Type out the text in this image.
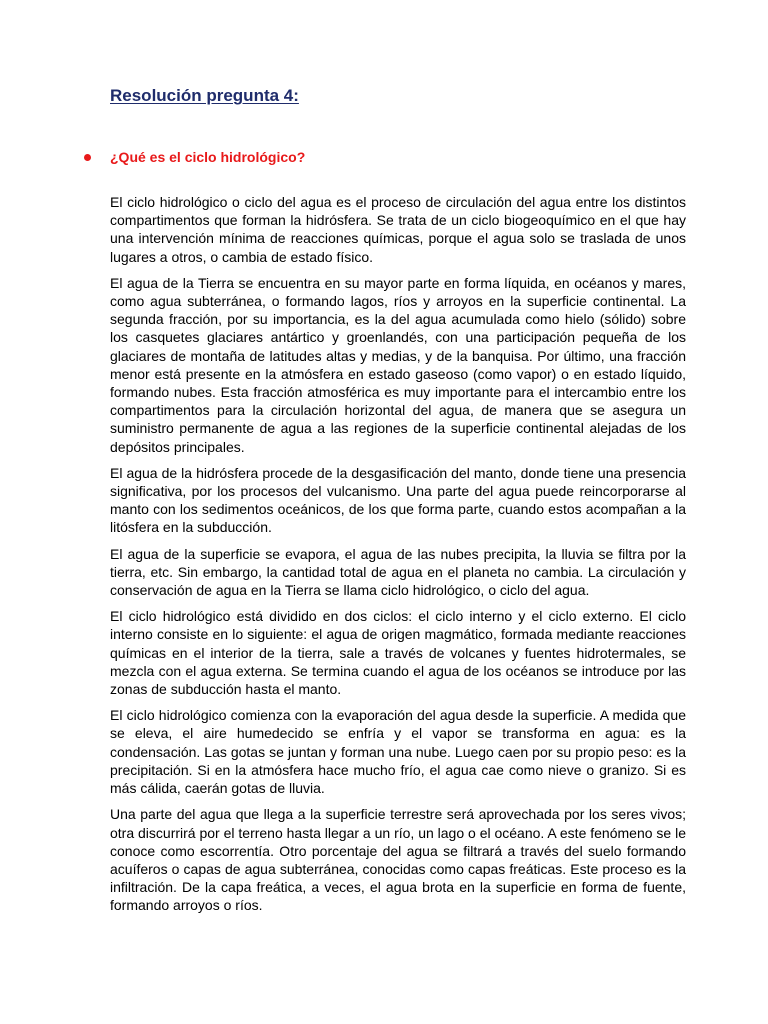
Resolución pregunta 4:
¿Qué es el ciclo hidrológico?

El ciclo hidrológico o ciclo del agua es el proceso de circulación del agua entre los distintos compartimentos que forman la hidrósfera. Se trata de un ciclo biogeoquímico en el que hay una intervención mínima de reacciones químicas, porque el agua solo se traslada de unos lugares a otros, o cambia de estado físico.

El agua de la Tierra se encuentra en su mayor parte en forma líquida, en océanos y mares, como agua subterránea, o formando lagos, ríos y arroyos en la superficie continental. La segunda fracción, por su importancia, es la del agua acumulada como hielo (sólido) sobre los casquetes glaciares antártico y groenlandés, con una participación pequeña de los glaciares de montaña de latitudes altas y medias, y de la banquisa. Por último, una fracción menor está presente en la atmósfera en estado gaseoso (como vapor) o en estado líquido, formando nubes. Esta fracción atmosférica es muy importante para el intercambio entre los compartimentos para la circulación horizontal del agua, de manera que se asegura un suministro permanente de agua a las regiones de la superficie continental alejadas de los depósitos principales.

El agua de la hidrósfera procede de la desgasificación del manto, donde tiene una presencia significativa, por los procesos del vulcanismo. Una parte del agua puede reincorporarse al manto con los sedimentos oceánicos, de los que forma parte, cuando estos acompañan a la litósfera en la subducción.

El agua de la superficie se evapora, el agua de las nubes precipita, la lluvia se filtra por la tierra, etc. Sin embargo, la cantidad total de agua en el planeta no cambia. La circulación y conservación de agua en la Tierra se llama ciclo hidrológico, o ciclo del agua.

El ciclo hidrológico está dividido en dos ciclos: el ciclo interno y el ciclo externo. El ciclo interno consiste en lo siguiente: el agua de origen magmático, formada mediante reacciones químicas en el interior de la tierra, sale a través de volcanes y fuentes hidrotermales, se mezcla con el agua externa. Se termina cuando el agua de los océanos se introduce por las zonas de subducción hasta el manto.

El ciclo hidrológico comienza con la evaporación del agua desde la superficie. A medida que se eleva, el aire humedecido se enfría y el vapor se transforma en agua: es la condensación. Las gotas se juntan y forman una nube. Luego caen por su propio peso: es la precipitación. Si en la atmósfera hace mucho frío, el agua cae como nieve o granizo. Si es más cálida, caerán gotas de lluvia.

Una parte del agua que llega a la superficie terrestre será aprovechada por los seres vivos; otra discurrirá por el terreno hasta llegar a un río, un lago o el océano. A este fenómeno se le conoce como escorrentía. Otro porcentaje del agua se filtrará a través del suelo formando acuíferos o capas de agua subterránea, conocidas como capas freáticas. Este proceso es la infiltración. De la capa freática, a veces, el agua brota en la superficie en forma de fuente, formando arroyos o ríos.
